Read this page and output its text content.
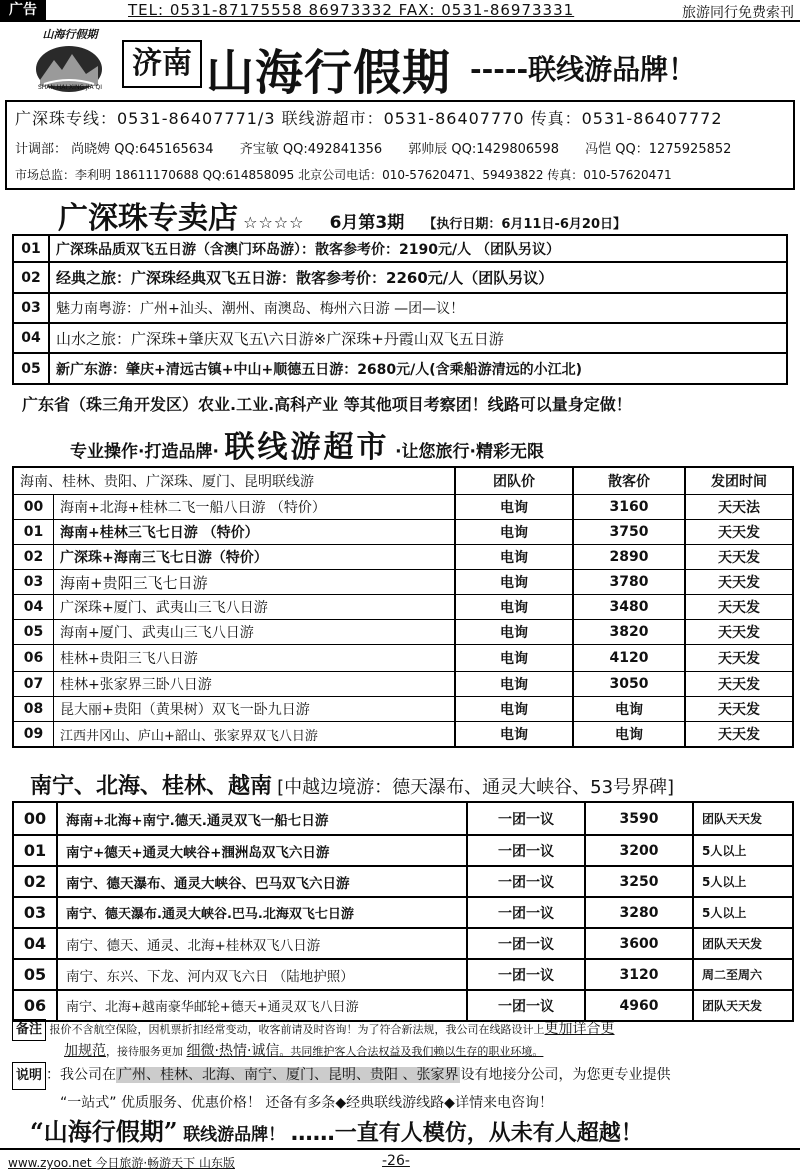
广告	TEL: 0531-87175558 86973332 FAX: 0531-86973331	旅游同行免费索刊
山海行假期
SHAN HAI XING JIA QI
济南 山海行假期 -----联线游品牌！
广深珠专线：0531-86407771/3 联线游超市：0531-86407770 传真：0531-86407772
计调部： 尚晓娉 QQ:645165634 齐宝敏 QQ:492841356 郭帅辰 QQ:1429806598 冯恺 QQ：1275925852
市场总监：李利明 18611170688 QQ:614858095 北京公司电话：010-57620471、59493822 传真：010-57620471
广深珠专卖店 ☆☆☆☆ 6月第3期 【执行日期：6月11日-6月20日】
01	广深珠品质双飞五日游（含澳门环岛游）：散客参考价：2190元/人 （团队另议）
02	经典之旅：广深珠经典双飞五日游：散客参考价：2260元/人（团队另议）
03	魅力南粤游：广州+汕头、潮州、南澳岛、梅州六日游 —团—议！
04	山水之旅：广深珠+肇庆双飞五\六日游※广深珠+丹霞山双飞五日游
05	新广东游：肇庆+清远古镇+中山+顺德五日游：2680元/人(含乘船游清远的小江北)
广东省（珠三角开发区）农业.工业.高科产业 等其他项目考察团！线路可以量身定做！
专业操作·打造品牌· 联线游超市 ·让您旅行·精彩无限
海南、桂林、贵阳、广深珠、厦门、昆明联线游	团队价	散客价	发团时间
00	海南+北海+桂林二飞一船八日游 （特价）	电询	3160	天天法
01	海南+桂林三飞七日游 （特价）	电询	3750	天天发
02	广深珠+海南三飞七日游（特价）	电询	2890	天天发
03	海南+贵阳三飞七日游	电询	3780	天天发
04	广深珠+厦门、武夷山三飞八日游	电询	3480	天天发
05	海南+厦门、武夷山三飞八日游	电询	3820	天天发
06	桂林+贵阳三飞八日游	电询	4120	天天发
07	桂林+张家界三卧八日游	电询	3050	天天发
08	昆大丽+贵阳（黄果树）双飞一卧九日游	电询	电询	天天发
09	江西井冈山、庐山+韶山、张家界双飞八日游	电询	电询	天天发
南宁、北海、桂林、越南 [中越边境游：德天瀑布、通灵大峡谷、53号界碑]
00	海南+北海+南宁.德天.通灵双飞一船七日游	一团一议	3590	团队天天发
01	南宁+德天+通灵大峡谷+涠洲岛双飞六日游	一团一议	3200	5人以上
02	南宁、德天瀑布、通灵大峡谷、巴马双飞六日游	一团一议	3250	5人以上
03	南宁、德天瀑布.通灵大峡谷.巴马.北海双飞七日游	一团一议	3280	5人以上
04	南宁、德天、通灵、北海+桂林双飞八日游	一团一议	3600	团队天天发
05	南宁、东兴、下龙、河内双飞六日 （陆地护照）	一团一议	3120	周二至周六
06	南宁、北海+越南豪华邮轮+德天+通灵双飞八日游	一团一议	4960	团队天天发
备注 报价不含航空保险，因机票折扣经常变动，收客前请及时咨询！为了符合新法规，我公司在线路设计上更加详合更
加规范，接待服务更加 细微·热情·诚信。共同维护客人合法权益及我们赖以生存的职业环境。
说明 ：我公司在 广州、桂林、北海、南宁、厦门、昆明、贵阳 、张家界 设有地接分公司，为您更专业提供
“一站式” 优质服务、优惠价格！ 还备有多条◆经典联线游线路◆详情来电咨询！
“山海行假期” 联线游品牌！ ……一直有人模仿，从未有人超越！
www.zyoo.net 今日旅游·畅游天下 山东版	-26-
